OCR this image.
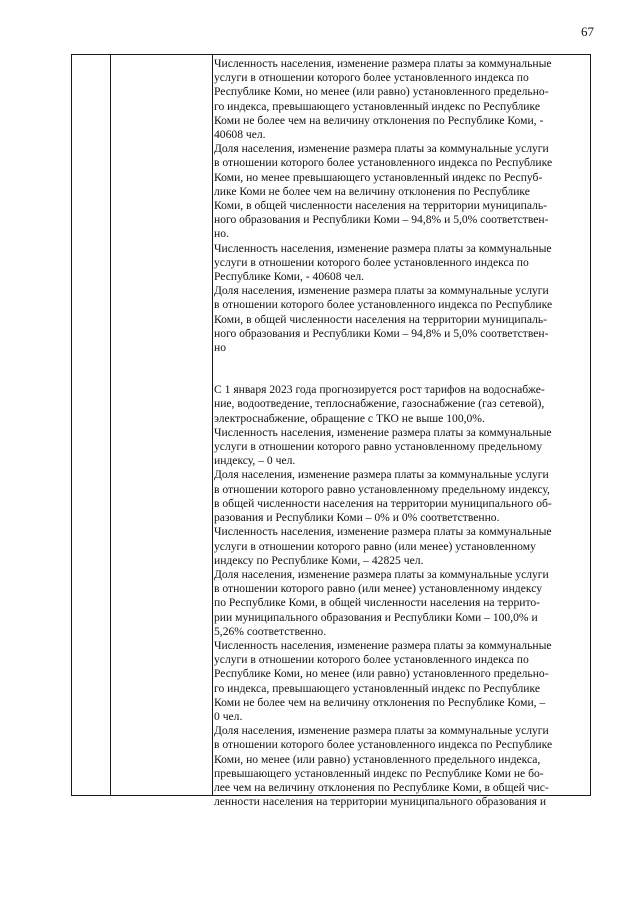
67

Численность населения, изменение размера платы за коммунальные
услуги в отношении которого более установленного индекса по
Республике Коми, но менее (или равно) установленного предельно-
го индекса, превышающего установленный индекс по Республике
Коми не более чем на величину отклонения по Республике Коми, -
40608 чел.

Доля населения, изменение размера платы за коммунальные услуги
в отношении которого более установленного индекса по Республике
Коми, но менее превышающего установленный индекс по Респуб-
лике Коми не более чем на величину отклонения по Республике
Коми, в общей численности населения на территории муниципаль-
ного образования и Республики Коми – 94,8% и 5,0% соответствен-
но.

Численность населения, изменение размера платы за коммунальные
услуги в отношении которого более установленного индекса по
Республике Коми, - 40608 чел.

Доля населения, изменение размера платы за коммунальные услуги
в отношении которого более установленного индекса по Республике
Коми, в общей численности населения на территории муниципаль-
ного образования и Республики Коми – 94,8% и 5,0% соответствен-
но

С 1 января 2023 года прогнозируется рост тарифов на водоснабже-
ние, водоотведение, теплоснабжение, газоснабжение (газ сетевой),
электроснабжение, обращение с ТКО не выше 100,0%.

Численность населения, изменение размера платы за коммунальные
услуги в отношении которого равно установленному предельному
индексу, – 0 чел.

Доля населения, изменение размера платы за коммунальные услуги
в отношении которого равно установленному предельному индексу,
в общей численности населения на территории муниципального об-
разования и Республики Коми – 0% и 0% соответственно.

Численность населения, изменение размера платы за коммунальные
услуги в отношении которого равно (или менее) установленному
индексу по Республике Коми, – 42825 чел.

Доля населения, изменение размера платы за коммунальные услуги
в отношении которого равно (или менее) установленному индексу
по Республике Коми, в общей численности населения на террито-
рии муниципального образования и Республики Коми – 100,0% и
5,26% соответственно.

Численность населения, изменение размера платы за коммунальные
услуги в отношении которого более установленного индекса по
Республике Коми, но менее (или равно) установленного предельно-
го индекса, превышающего установленный индекс по Республике
Коми не более чем на величину отклонения по Республике Коми, –
0 чел.

Доля населения, изменение размера платы за коммунальные услуги
в отношении которого более установленного индекса по Республике
Коми, но менее (или равно) установленного предельного индекса,
превышающего установленный индекс по Республике Коми не бо-
лее чем на величину отклонения по Республике Коми, в общей чис-
ленности населения на территории муниципального образования и
